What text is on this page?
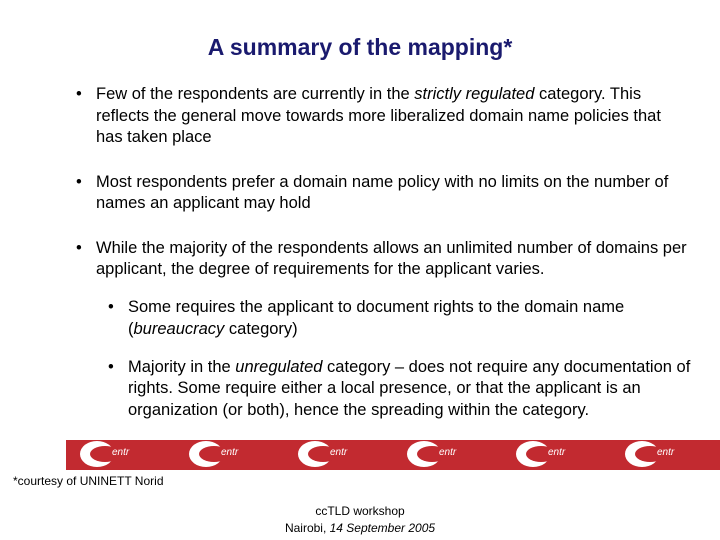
A summary of the mapping*

• Few of the respondents are currently in the strictly regulated category. This reflects the general move towards more liberalized domain name policies that has taken place

• Most respondents prefer a domain name policy with no limits on the number of names an applicant may hold

• While the majority of the respondents allows an unlimited number of domains per applicant, the degree of requirements for the applicant varies.

• Some requires the applicant to document rights to the domain name (bureaucracy category)

• Majority in the unregulated category – does not require any documentation of rights. Some require either a local presence, or that the applicant is an organization (or both), hence the spreading within the category.

entr	entr	entr	entr	entr	entr
*courtesy of UNINETT Norid
ccTLD workshop
Nairobi, 14 September 2005
